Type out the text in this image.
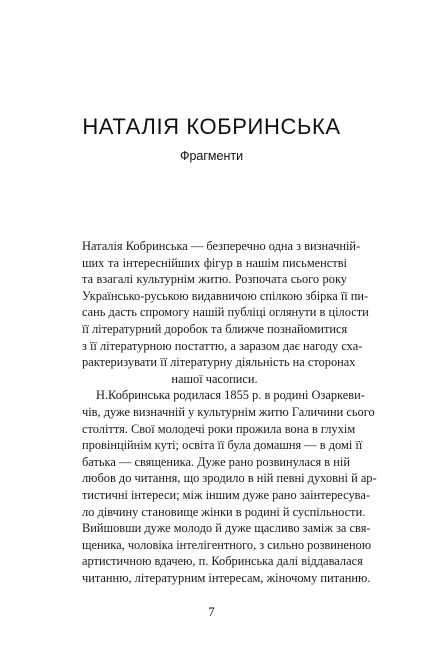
НАТАЛІЯ КОБРИНСЬКА
Фрагменти
Наталія Кобринська — безперечно одна з визначній-
ших та інтереснійших фігур в нашім письменстві
та взагалі культурнім житю. Розпочата сього року
Українсько-руською видавничою спілкою збірка її пи-
сань дасть спромогу нашій публіці оглянути в цілости
її літературний доробок та ближче познайомитися
з її літературною постаттю, а заразом дає нагоду сха-
рактеризувати її літературну діяльність на сторонах
нашої часописи.
Н.Кобринська родилася 1855 р. в родині Озаркеви-
чів, дуже визначній у культурнім житю Галичини сього
століття. Свої молодечі роки прожила вона в глухім
провінційнім куті; освіта її була домашня — в домі її
батька — священика. Дуже рано розвинулася в ній
любов до читання, що зродило в ній певні духовні й ар-
тистичні інтереси; між іншим дуже рано заінтересува-
ло дівчину становище жінки в родині й суспільности.
Вийшовши дуже молодо й дуже щасливо заміж за свя-
щеника, чоловіка інтелігентного, з сильно розвиненою
артистичною вдачею, п. Кобринська далі віддавалася
читанню, літературним інтересам, жіночому питанню.
7
